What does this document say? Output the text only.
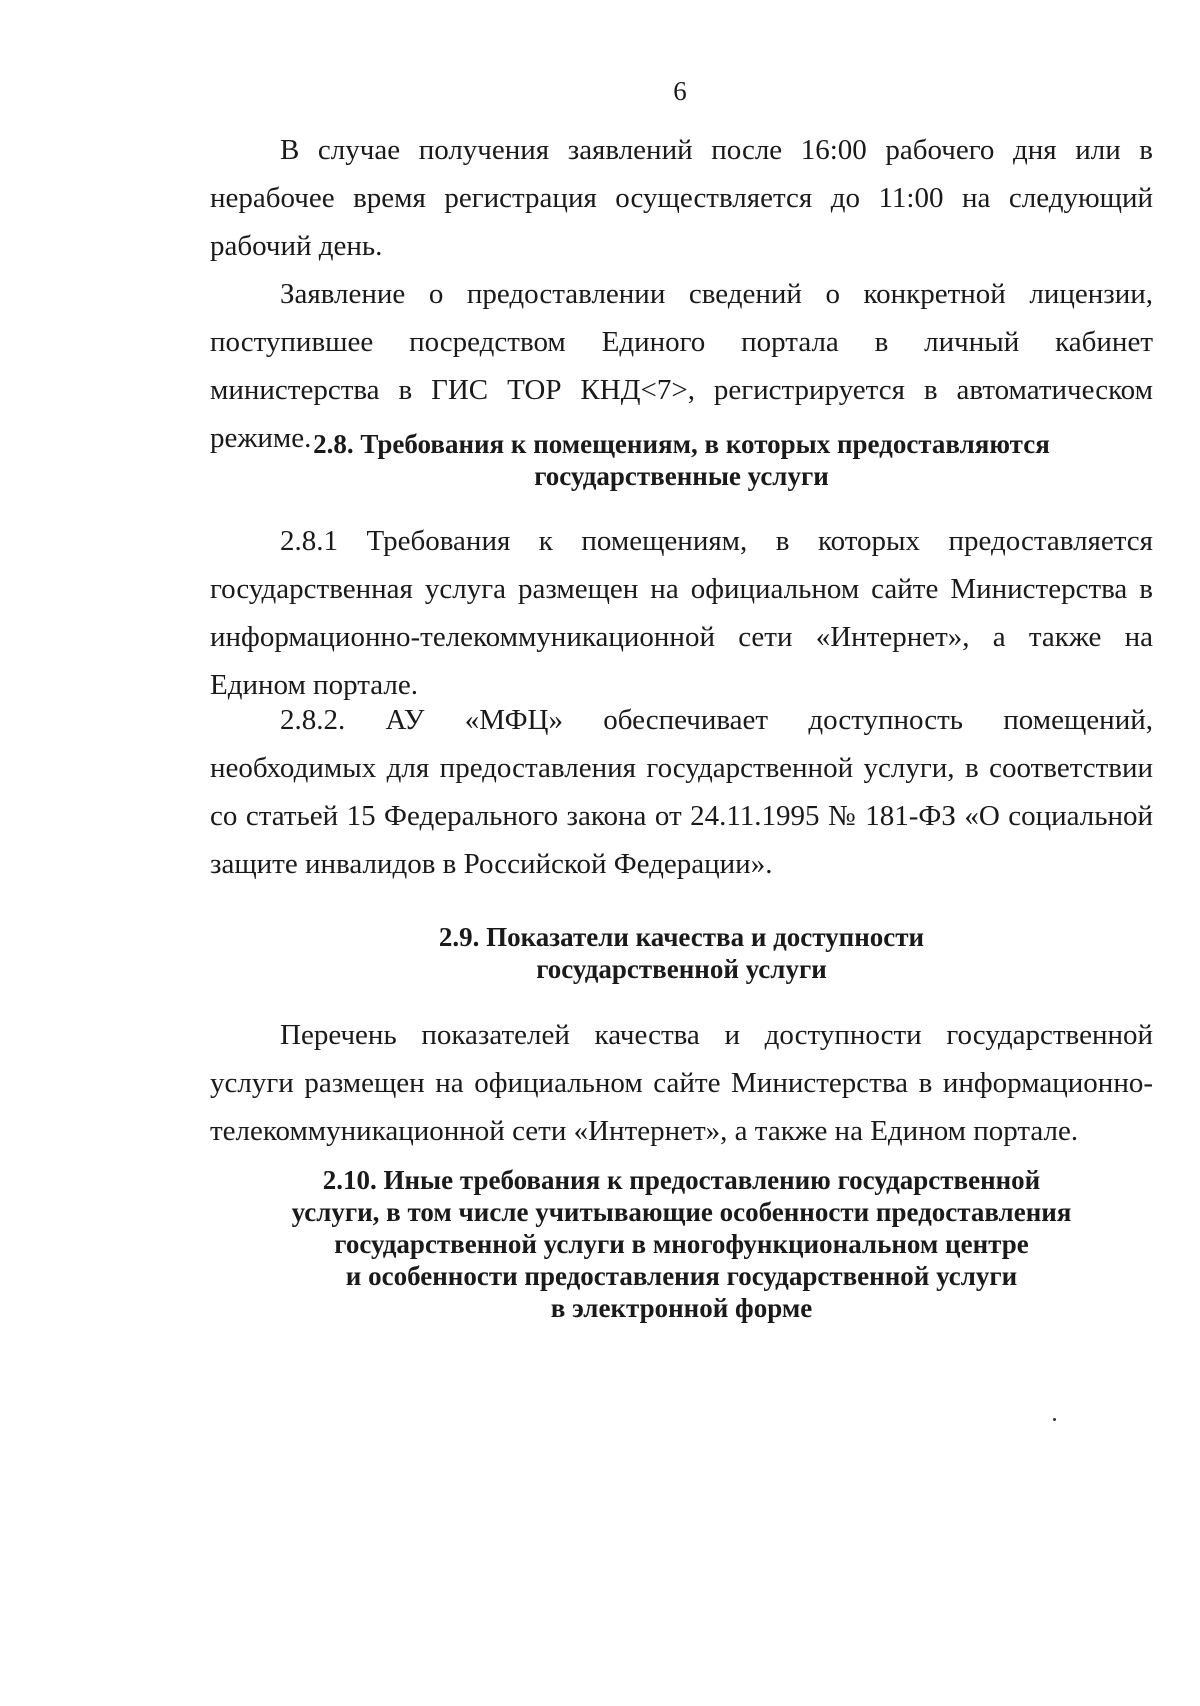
6

В случае получения заявлений после 16:00 рабочего дня или в нерабочее время регистрация осуществляется до 11:00 на следующий рабочий день.

Заявление о предоставлении сведений о конкретной лицензии, поступившее посредством Единого портала в личный кабинет министерства в ГИС ТОР КНД<7>, регистрируется в автоматическом режиме. 2.8. Требования к помещениям, в которых предоставляются
государственные услуги

2.8.1 Требования к помещениям, в которых предоставляется государственная услуга размещен на официальном сайте Министерства в информационно-телекоммуникационной сети «Интернет», а также на Едином портале.

2.8.2. АУ «МФЦ» обеспечивает доступность помещений, необходимых для предоставления государственной услуги, в соответствии со статьей 15 Федерального закона от 24.11.1995 № 181-ФЗ «О социальной защите инвалидов в Российской Федерации».

2.9. Показатели качества и доступности
государственной услуги

Перечень показателей качества и доступности государственной услуги размещен на официальном сайте Министерства в информационно-телекоммуникационной сети «Интернет», а также на Едином портале.

2.10. Иные требования к предоставлению государственной
услуги, в том числе учитывающие особенности предоставления
государственной услуги в многофункциональном центре
и особенности предоставления государственной услуги
в электронной форме
